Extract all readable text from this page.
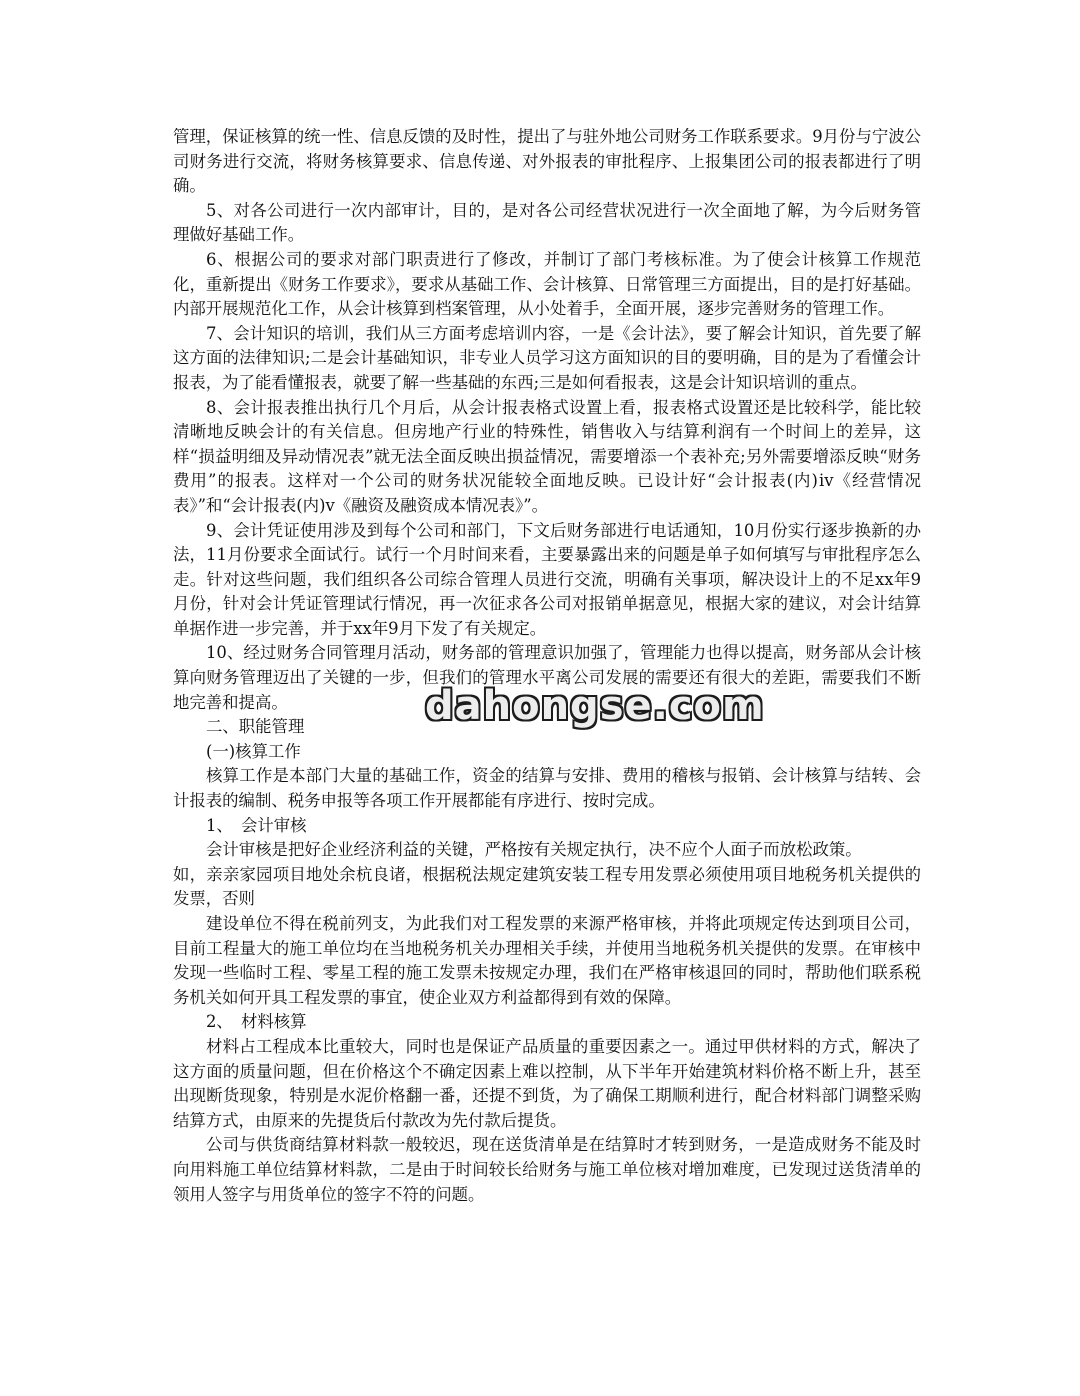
管理，保证核算的统一性、信息反馈的及时性，提出了与驻外地公司财务工作联系要求。9月份与宁波公司财务进行交流，将财务核算要求、信息传递、对外报表的审批程序、上报集团公司的报表都进行了明确。

5、对各公司进行一次内部审计，目的，是对各公司经营状况进行一次全面地了解，为今后财务管理做好基础工作。

6、根据公司的要求对部门职责进行了修改，并制订了部门考核标准。为了使会计核算工作规范化，重新提出《财务工作要求》，要求从基础工作、会计核算、日常管理三方面提出，目的是打好基础。内部开展规范化工作，从会计核算到档案管理，从小处着手，全面开展，逐步完善财务的管理工作。

7、会计知识的培训，我们从三方面考虑培训内容，一是《会计法》，要了解会计知识，首先要了解这方面的法律知识;二是会计基础知识，非专业人员学习这方面知识的目的要明确，目的是为了看懂会计报表，为了能看懂报表，就要了解一些基础的东西;三是如何看报表，这是会计知识培训的重点。

8、会计报表推出执行几个月后，从会计报表格式设置上看，报表格式设置还是比较科学，能比较清晰地反映会计的有关信息。但房地产行业的特殊性，销售收入与结算利润有一个时间上的差异，这样“损益明细及异动情况表”就无法全面反映出损益情况，需要增添一个表补充;另外需要增添反映“财务费用”的报表。这样对一个公司的财务状况能较全面地反映。已设计好“会计报表(内)ⅳ《经营情况表》”和“会计报表(内)ⅴ《融资及融资成本情况表》”。

9、会计凭证使用涉及到每个公司和部门，下文后财务部进行电话通知，10月份实行逐步换新的办法，11月份要求全面试行。试行一个月时间来看，主要暴露出来的问题是单子如何填写与审批程序怎么走。针对这些问题，我们组织各公司综合管理人员进行交流，明确有关事项，解决设计上的不足xx年9月份，针对会计凭证管理试行情况，再一次征求各公司对报销单据意见，根据大家的建议，对会计结算单据作进一步完善，并于xx年9月下发了有关规定。

10、经过财务合同管理月活动，财务部的管理意识加强了，管理能力也得以提高，财务部从会计核算向财务管理迈出了关键的一步，但我们的管理水平离公司发展的需要还有很大的差距，需要我们不断地完善和提高。

二、职能管理

(一)核算工作

核算工作是本部门大量的基础工作，资金的结算与安排、费用的稽核与报销、会计核算与结转、会计报表的编制、税务申报等各项工作开展都能有序进行、按时完成。

1、　会计审核

会计审核是把好企业经济利益的关键，严格按有关规定执行，决不应个人面子而放松政策。

如，亲亲家园项目地处余杭良诸，根据税法规定建筑安装工程专用发票必须使用项目地税务机关提供的发票，否则

建设单位不得在税前列支，为此我们对工程发票的来源严格审核，并将此项规定传达到项目公司，目前工程量大的施工单位均在当地税务机关办理相关手续，并使用当地税务机关提供的发票。在审核中发现一些临时工程、零星工程的施工发票未按规定办理，我们在严格审核退回的同时，帮助他们联系税务机关如何开具工程发票的事宜，使企业双方利益都得到有效的保障。

2、　材料核算

材料占工程成本比重较大，同时也是保证产品质量的重要因素之一。通过甲供材料的方式，解决了这方面的质量问题，但在价格这个不确定因素上难以控制，从下半年开始建筑材料价格不断上升，甚至出现断货现象，特别是水泥价格翻一番，还提不到货，为了确保工期顺利进行，配合材料部门调整采购结算方式，由原来的先提货后付款改为先付款后提货。

公司与供货商结算材料款一般较迟，现在送货清单是在结算时才转到财务，一是造成财务不能及时向用料施工单位结算材料款，二是由于时间较长给财务与施工单位核对增加难度，已发现过送货清单的领用人签字与用货单位的签字不符的问题。

dahongse.com
